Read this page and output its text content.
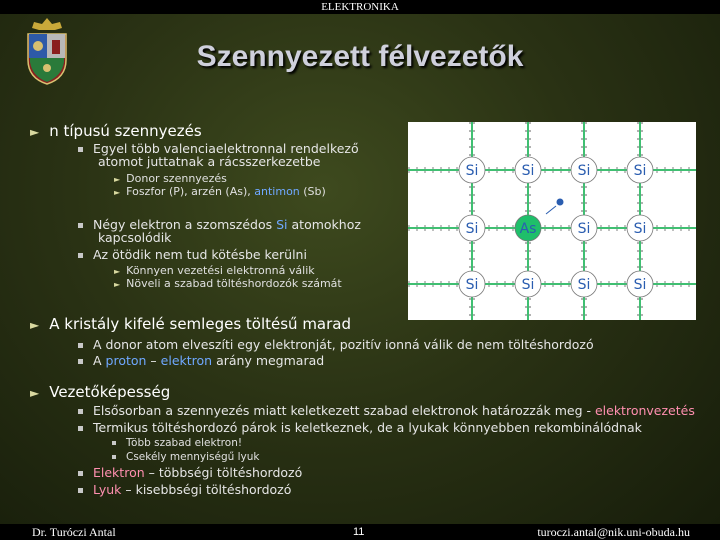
ELEKTRONIKA
Szennyezett félvezetők
► n típusú szennyezés
Egyel több valenciaelektronnal rendelkező
atomot juttatnak a rácsszerkezetbe
► Donor szennyezés
► Foszfor (P), arzén (As), antimon (Sb)
Négy elektron a szomszédos Si atomokhoz
kapcsolódik
Az ötödik nem tud kötésbe kerülni
► Könnyen vezetési elektronná válik
► Növeli a szabad töltéshordozók számát
Si	Si	Si	Si
Si	As	Si	Si
Si	Si	Si	Si
► A kristály kifelé semleges töltésű marad
A donor atom elveszíti egy elektronját, pozitív ionná válik de nem töltéshordozó
A proton – elektron arány megmarad
► Vezetőképesség
Elsősorban a szennyezés miatt keletkezett szabad elektronok határozzák meg - elektronvezetés
Termikus töltéshordozó párok is keletkeznek, de a lyukak könnyebben rekombinálódnak
Több szabad elektron!
Csekély mennyiségű lyuk
Elektron – többségi töltéshordozó
Lyuk – kisebbségi töltéshordozó
Dr. Turóczi Antal	11	turoczi.antal@nik.uni-obuda.hu
